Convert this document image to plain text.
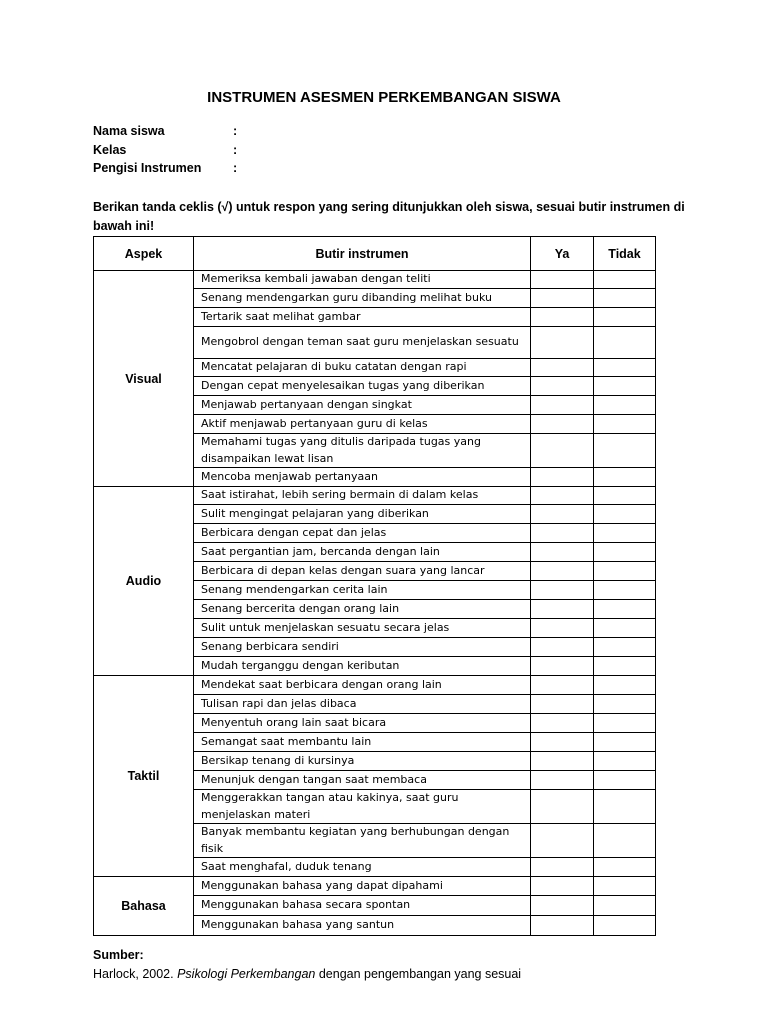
INSTRUMEN ASESMEN PERKEMBANGAN SISWA
Nama siswa	:
Kelas	:
Pengisi Instrumen	:
Berikan tanda ceklis (√) untuk respon yang sering ditunjukkan oleh siswa, sesuai butir instrumen di bawah ini!
Aspek	Butir instrumen	Ya	Tidak
Visual	Memeriksa kembali jawaban dengan teliti		
	Senang mendengarkan guru dibanding melihat buku		
	Tertarik saat melihat gambar		
	Mengobrol dengan teman saat guru menjelaskan sesuatu		
	Mencatat pelajaran di buku catatan dengan rapi		
	Dengan cepat menyelesaikan tugas yang diberikan		
	Menjawab pertanyaan dengan singkat		
	Aktif menjawab pertanyaan guru di kelas		
	Memahami tugas yang ditulis daripada tugas yang disampaikan lewat lisan		
	Mencoba menjawab pertanyaan		
Audio	Saat istirahat, lebih sering bermain di dalam kelas		
	Sulit mengingat pelajaran yang diberikan		
	Berbicara dengan cepat dan jelas		
	Saat pergantian jam, bercanda dengan lain		
	Berbicara di depan kelas dengan suara yang lancar		
	Senang mendengarkan cerita lain		
	Senang bercerita dengan orang lain		
	Sulit untuk menjelaskan sesuatu secara jelas		
	Senang berbicara sendiri		
	Mudah terganggu dengan keributan		
Taktil	Mendekat saat berbicara dengan orang lain		
	Tulisan rapi dan jelas dibaca		
	Menyentuh orang lain saat bicara		
	Semangat saat membantu lain		
	Bersikap tenang di kursinya		
	Menunjuk dengan tangan saat membaca		
	Menggerakkan tangan atau kakinya, saat guru menjelaskan materi		
	Banyak membantu kegiatan yang berhubungan dengan fisik		
	Saat menghafal, duduk tenang		
Bahasa	Menggunakan bahasa yang dapat dipahami		
	Menggunakan bahasa secara spontan		
	Menggunakan bahasa yang santun		
Sumber:
Harlock, 2002. Psikologi Perkembangan dengan pengembangan yang sesuai
